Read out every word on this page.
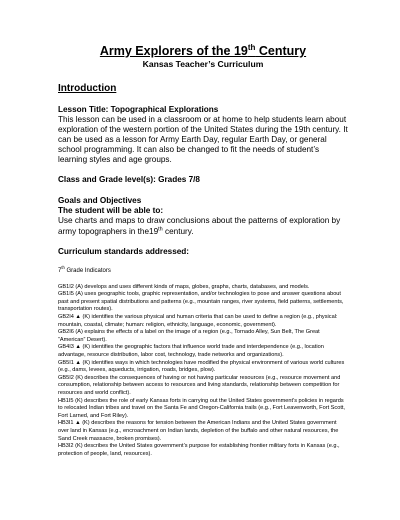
Army Explorers of the 19th Century

Kansas Teacher’s Curriculum

Introduction

Lesson Title: Topographical Explorations

This lesson can be used in a classroom or at home to help students learn about exploration of the western portion of the United States during the 19th century. It can be used as a lesson for Army Earth Day, regular Earth Day, or general school programming. It can also be changed to fit the needs of student’s learning styles and age groups.

Class and Grade level(s): Grades 7/8

Goals and Objectives

The student will be able to:

Use charts and maps to draw conclusions about the patterns of exploration by army topographers in the19th century.

Curriculum standards addressed:

7th Grade Indicators

GB1I2 (A) develops and uses different kinds of maps, globes, graphs, charts, databases, and models.

GB1I5 (A) uses geographic tools, graphic representation, and/or technologies to pose and answer questions about past and present spatial distributions and patterns (e.g., mountain ranges, river systems, field patterns, settlements, transportation routes).

GB2I4 ▲ (K) identifies the various physical and human criteria that can be used to define a region (e.g., physical: mountain, coastal, climate; human: religion, ethnicity, language, economic, government).

GB2I6 (A) explains the effects of a label on the image of a region (e.g., Tornado Alley, Sun Belt, The Great “American” Desert).

GB4I3 ▲ (K) identifies the geographic factors that influence world trade and interdependence (e.g., location advantage, resource distribution, labor cost, technology, trade networks and organizations).

GB5I1 ▲ (K) identifies ways in which technologies have modified the physical environment of various world cultures (e.g., dams, levees, aqueducts, irrigation, roads, bridges, plow).

GB5I2 (K) describes the consequences of having or not having particular resources (e.g., resource movement and consumption, relationship between access to resources and living standards, relationship between competition for resources and world conflict).

HB1I5 (K) describes the role of early Kansas forts in carrying out the United States government’s policies in regards to relocated Indian tribes and travel on the Santa Fe and Oregon-California trails (e.g., Fort Leavenworth, Fort Scott, Fort Larned, and Fort Riley).

HB3I1 ▲ (K) describes the reasons for tension between the American Indians and the United States government over land in Kansas (e.g., encroachment on Indian lands, depletion of the buffalo and other natural resources, the Sand Creek massacre, broken promises).

HB3I2 (K) describes the United States government’s purpose for establishing frontier military forts in Kansas (e.g., protection of people, land, resources).
